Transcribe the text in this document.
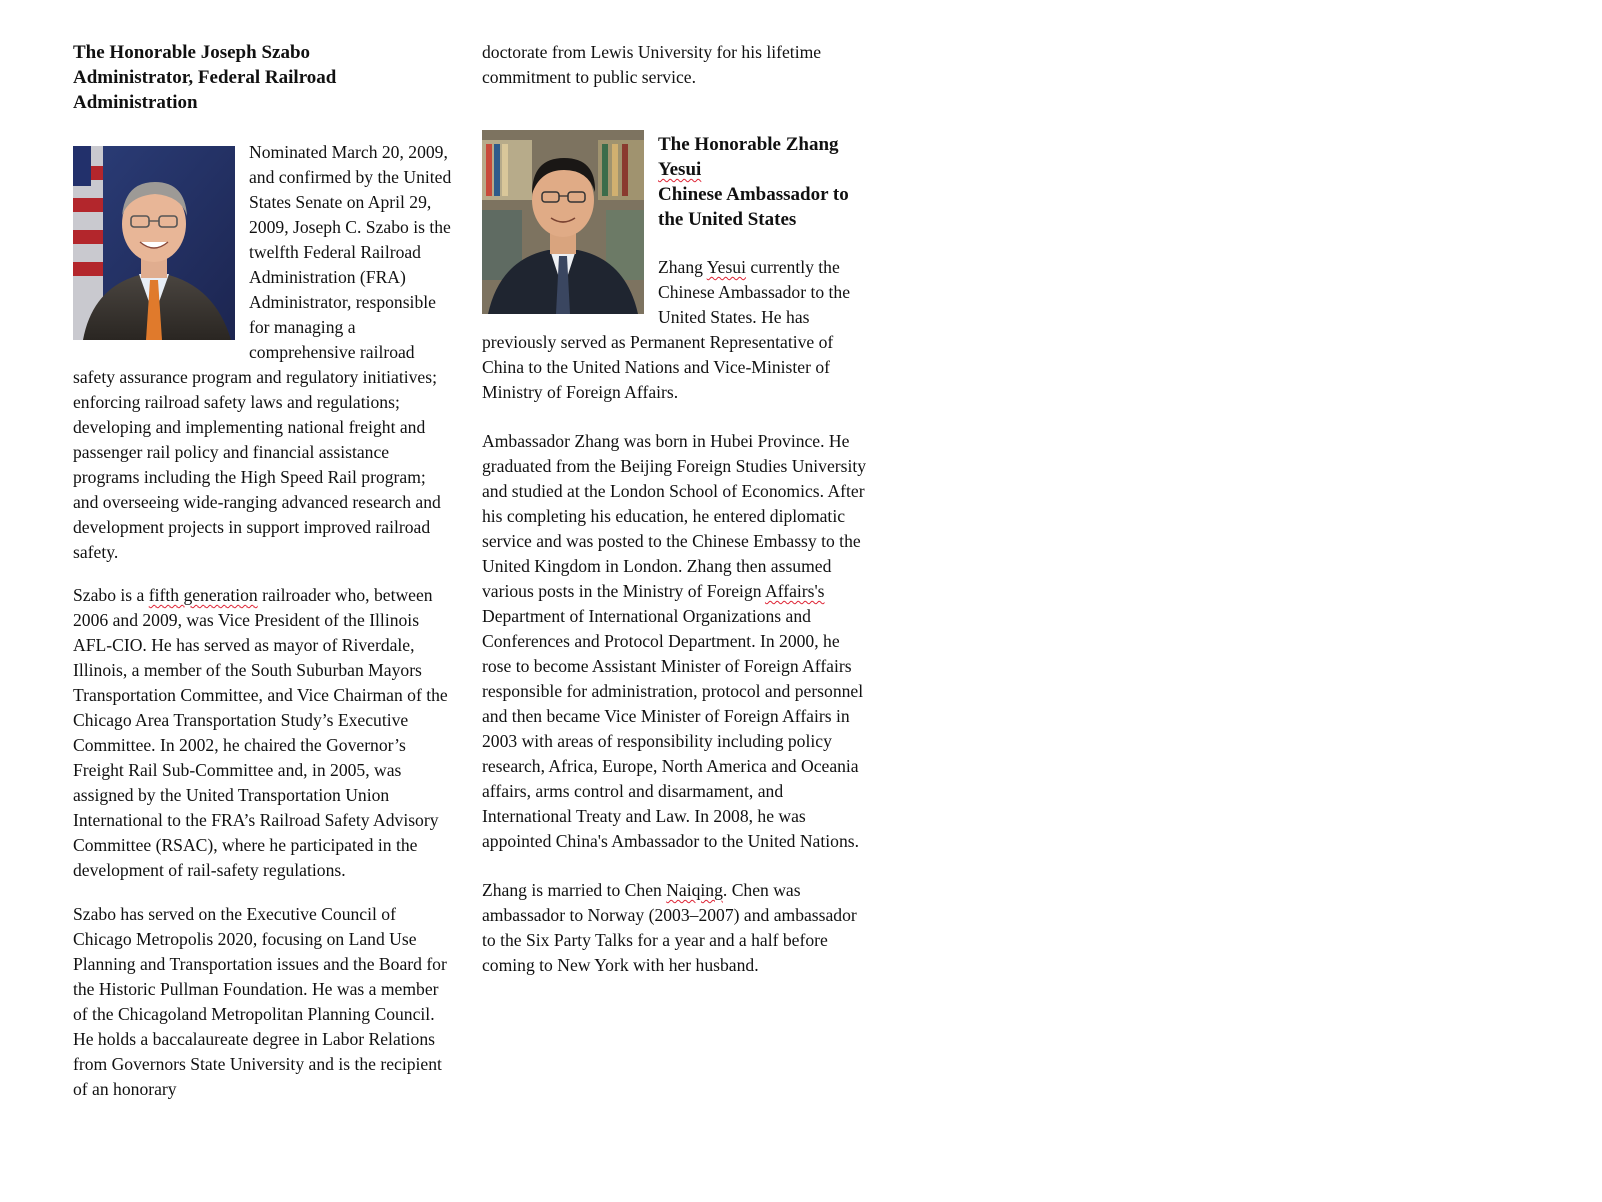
The Honorable Joseph Szabo
Administrator, Federal Railroad
Administration

Nominated March 20, 2009, and confirmed by the United States Senate on April 29, 2009, Joseph C. Szabo is the twelfth Federal Railroad Administration (FRA) Administrator, responsible for managing a comprehensive railroad safety assurance program and regulatory initiatives; enforcing railroad safety laws and regulations; developing and implementing national freight and passenger rail policy and financial assistance programs including the High Speed Rail program; and overseeing wide-ranging advanced research and development projects in support improved railroad safety.

Szabo is a fifth generation railroader who, between 2006 and 2009, was Vice President of the Illinois AFL-CIO. He has served as mayor of Riverdale, Illinois, a member of the South Suburban Mayors Transportation Committee, and Vice Chairman of the Chicago Area Transportation Study’s Executive Committee. In 2002, he chaired the Governor’s Freight Rail Sub-Committee and, in 2005, was assigned by the United Transportation Union International to the FRA’s Railroad Safety Advisory Committee (RSAC), where he participated in the development of rail-safety regulations.

Szabo has served on the Executive Council of Chicago Metropolis 2020, focusing on Land Use Planning and Transportation issues and the Board for the Historic Pullman Foundation. He was a member of the Chicagoland Metropolitan Planning Council. He holds a baccalaureate degree in Labor Relations from Governors State University and is the recipient of an honorary

doctorate from Lewis University for his lifetime commitment to public service.

The Honorable Zhang
Yesui
Chinese Ambassador to
the United States

Zhang Yesui currently the Chinese Ambassador to the United States. He has previously served as Permanent Representative of China to the United Nations and Vice-Minister of Ministry of Foreign Affairs.

Ambassador Zhang was born in Hubei Province. He graduated from the Beijing Foreign Studies University and studied at the London School of Economics. After his completing his education, he entered diplomatic service and was posted to the Chinese Embassy to the United Kingdom in London. Zhang then assumed various posts in the Ministry of Foreign Affairs's Department of International Organizations and Conferences and Protocol Department. In 2000, he rose to become Assistant Minister of Foreign Affairs responsible for administration, protocol and personnel and then became Vice Minister of Foreign Affairs in 2003 with areas of responsibility including policy research, Africa, Europe, North America and Oceania affairs, arms control and disarmament, and International Treaty and Law. In 2008, he was appointed China's Ambassador to the United Nations.

Zhang is married to Chen Naiqing. Chen was ambassador to Norway (2003–2007) and ambassador to the Six Party Talks for a year and a half before coming to New York with her husband.
